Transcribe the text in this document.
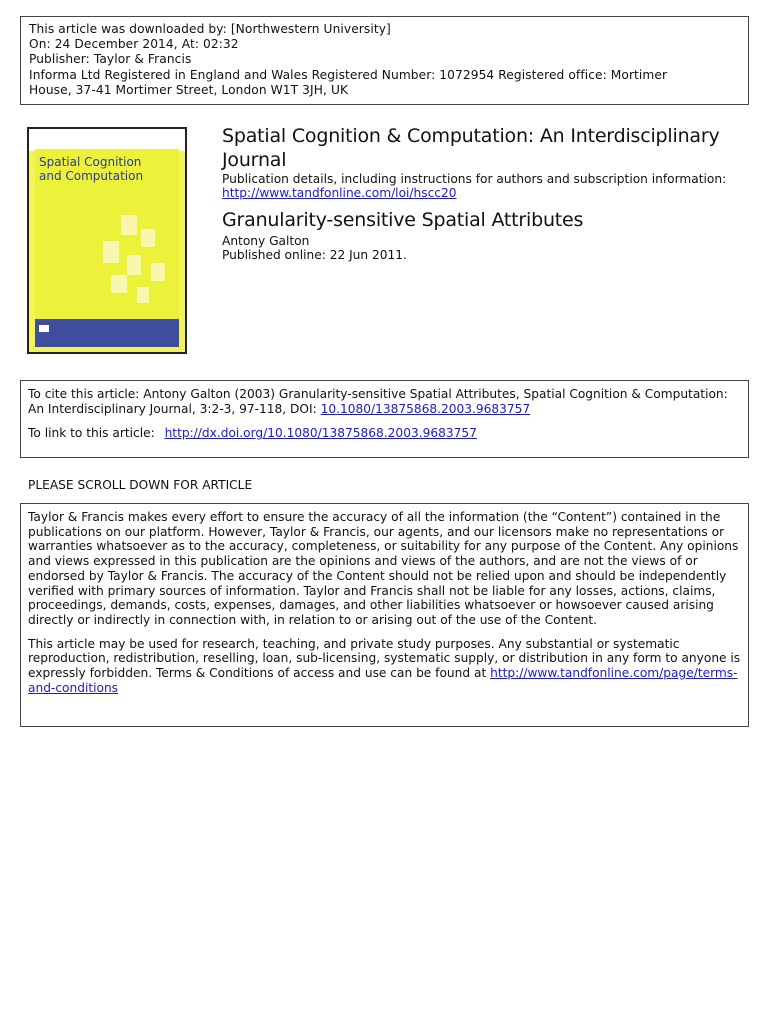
This article was downloaded by: [Northwestern University]
On: 24 December 2014, At: 02:32
Publisher: Taylor & Francis
Informa Ltd Registered in England and Wales Registered Number: 1072954 Registered office: Mortimer
House, 37-41 Mortimer Street, London W1T 3JH, UK
Spatial Cognition
and Computation
Spatial Cognition & Computation: An Interdisciplinary Journal
Publication details, including instructions for authors and subscription information:
http://www.tandfonline.com/loi/hscc20
Granularity-sensitive Spatial Attributes
Antony Galton
Published online: 22 Jun 2011.
To cite this article: Antony Galton (2003) Granularity-sensitive Spatial Attributes, Spatial Cognition & Computation: An Interdisciplinary Journal, 3:2-3, 97-118, DOI: 10.1080/13875868.2003.9683757
To link to this article: http://dx.doi.org/10.1080/13875868.2003.9683757
PLEASE SCROLL DOWN FOR ARTICLE

Taylor & Francis makes every effort to ensure the accuracy of all the information (the “Content”) contained in the publications on our platform. However, Taylor & Francis, our agents, and our licensors make no representations or warranties whatsoever as to the accuracy, completeness, or suitability for any purpose of the Content. Any opinions and views expressed in this publication are the opinions and views of the authors, and are not the views of or endorsed by Taylor & Francis. The accuracy of the Content should not be relied upon and should be independently verified with primary sources of information. Taylor and Francis shall not be liable for any losses, actions, claims, proceedings, demands, costs, expenses, damages, and other liabilities whatsoever or howsoever caused arising directly or indirectly in connection with, in relation to or arising out of the use of the Content.

This article may be used for research, teaching, and private study purposes. Any substantial or systematic reproduction, redistribution, reselling, loan, sub-licensing, systematic supply, or distribution in any form to anyone is expressly forbidden. Terms & Conditions of access and use can be found at http://www.tandfonline.com/page/terms-and-conditions
